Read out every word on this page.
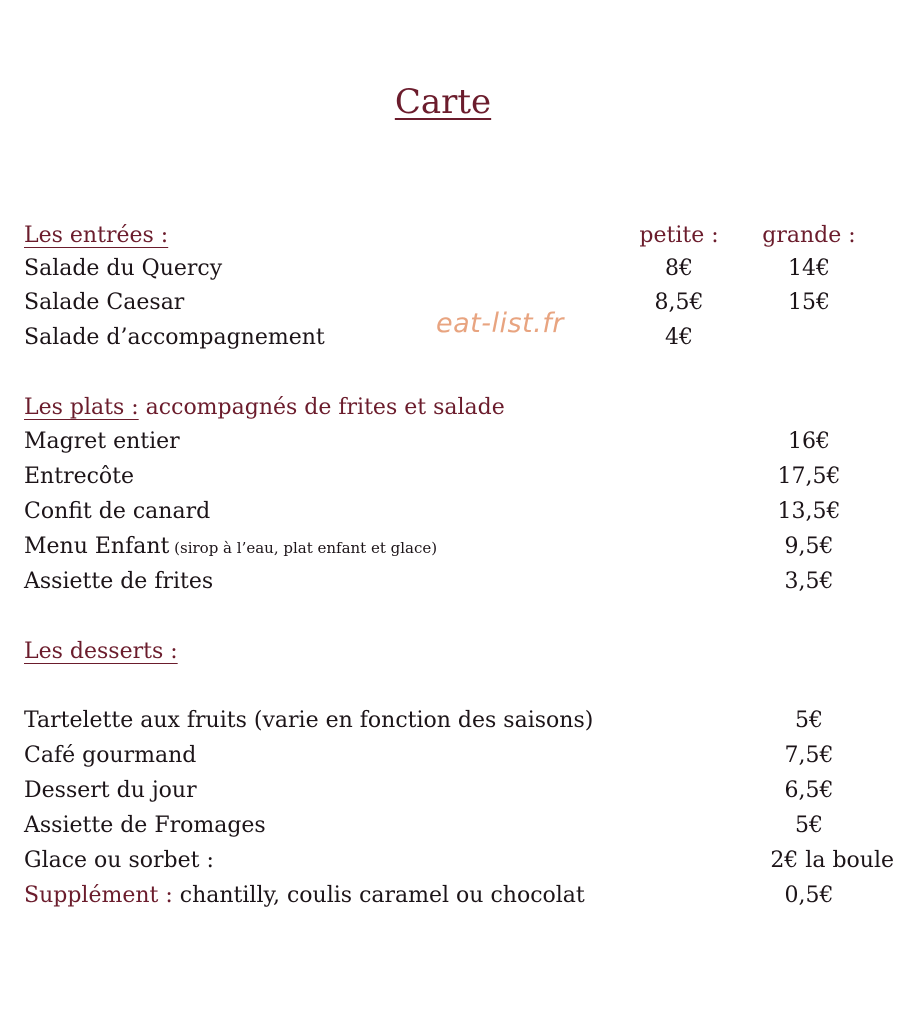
Carte
Les entrées :	petite :	grande :
Salade du Quercy	8€	14€
Salade Caesar	8,5€	15€
Salade d’accompagnement	4€
eat-list.fr
Les plats : accompagnés de frites et salade
Magret entier	16€
Entrecôte	17,5€
Confit de canard	13,5€
Menu Enfant (sirop à l’eau, plat enfant et glace)	9,5€
Assiette de frites	3,5€
Les desserts :
Tartelette aux fruits (varie en fonction des saisons)	5€
Café gourmand	7,5€
Dessert du jour	6,5€
Assiette de Fromages	5€
Glace ou sorbet :	2€ la boule
Supplément : chantilly, coulis caramel ou chocolat	0,5€
